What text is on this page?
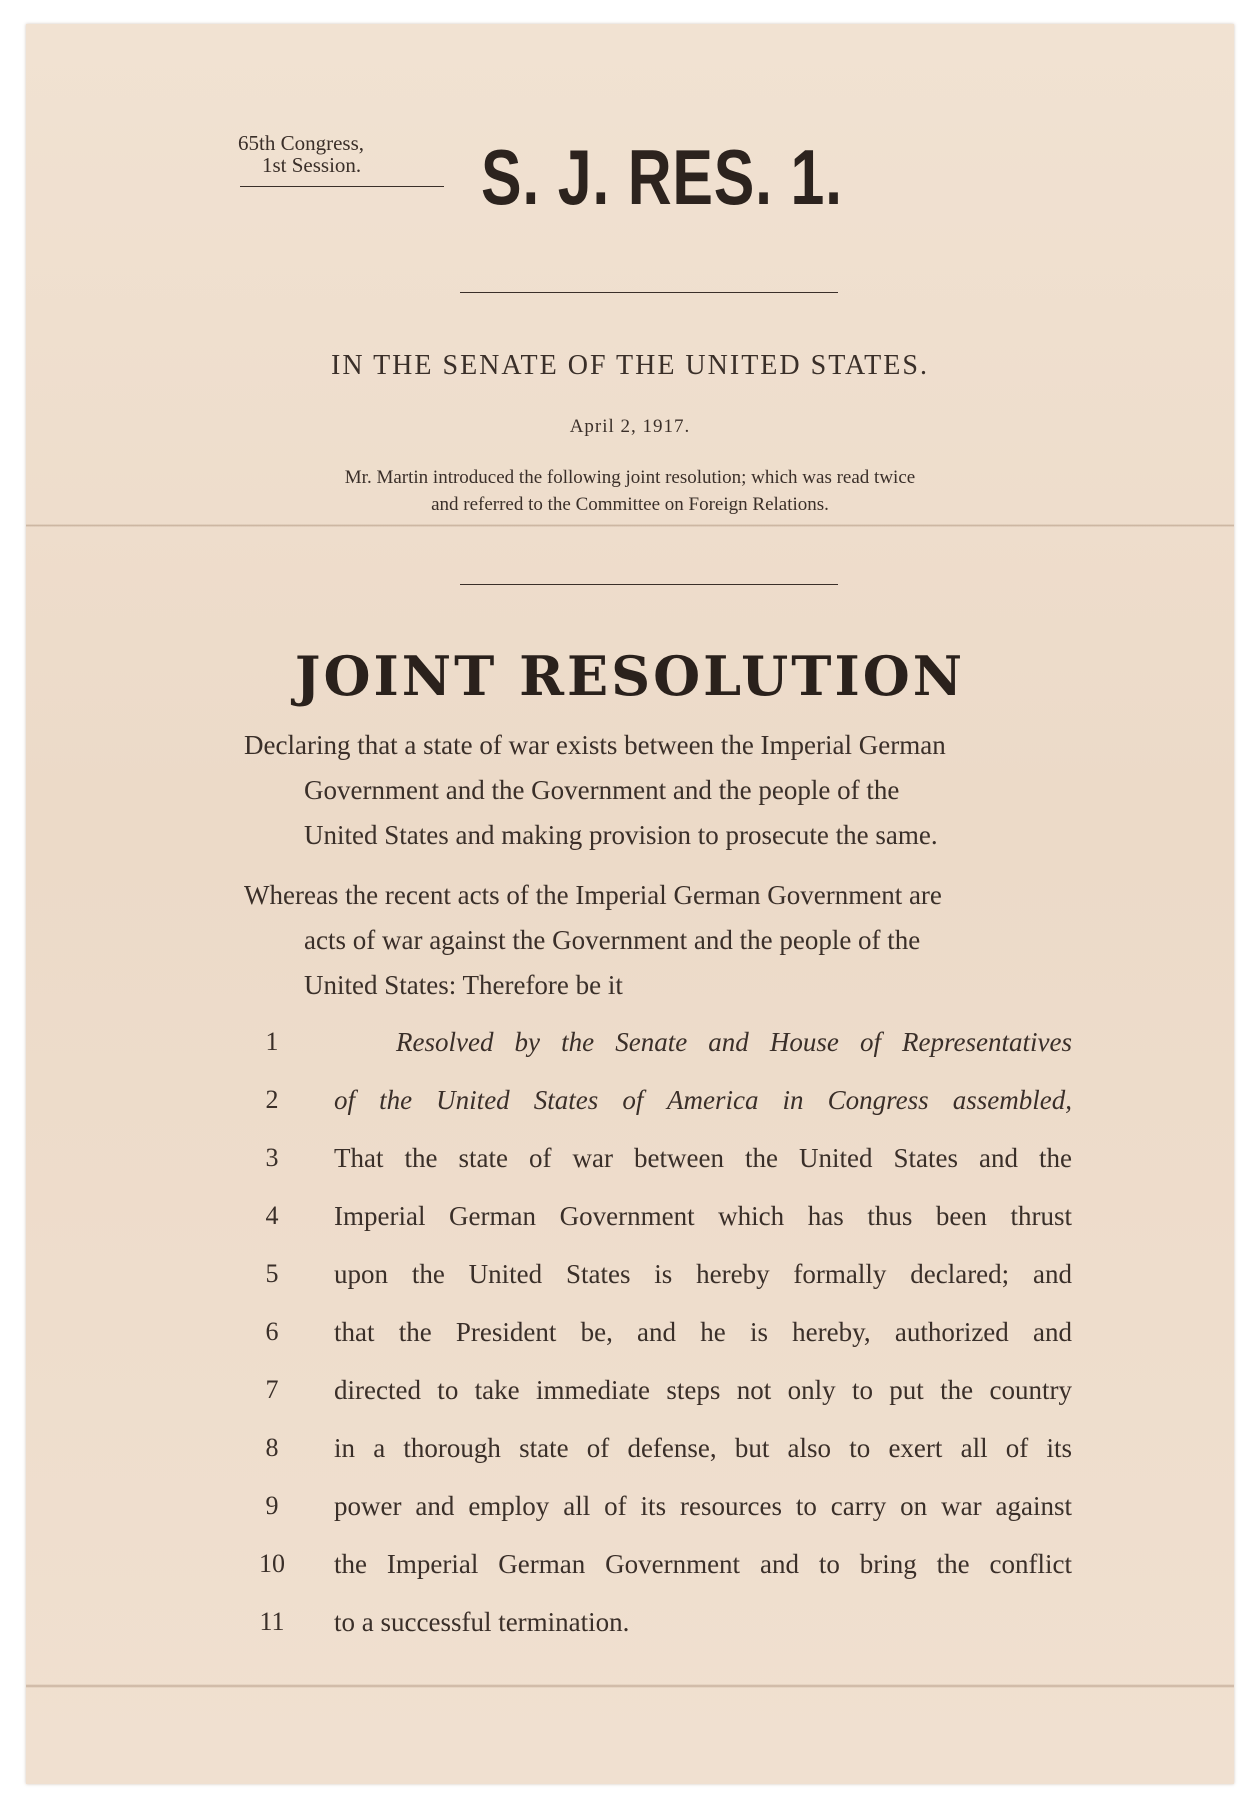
65th Congress,
1st Session.	S. J. RES. 1.
IN THE SENATE OF THE UNITED STATES.
April 2, 1917.
Mr. Martin introduced the following joint resolution; which was read twice
and referred to the Committee on Foreign Relations.
JOINT RESOLUTION
Declaring that a state of war exists between the Imperial German
Government and the Government and the people of the
United States and making provision to prosecute the same.
Whereas the recent acts of the Imperial German Government are
acts of war against the Government and the people of the
United States: Therefore be it
1	Resolved by the Senate and House of Representatives
2	of the United States of America in Congress assembled,
3	That the state of war between the United States and the
4	Imperial German Government which has thus been thrust
5	upon the United States is hereby formally declared; and
6	that the President be, and he is hereby, authorized and
7	directed to take immediate steps not only to put the country
8	in a thorough state of defense, but also to exert all of its
9	power and employ all of its resources to carry on war against
10	the Imperial German Government and to bring the conflict
11	to a successful termination.
